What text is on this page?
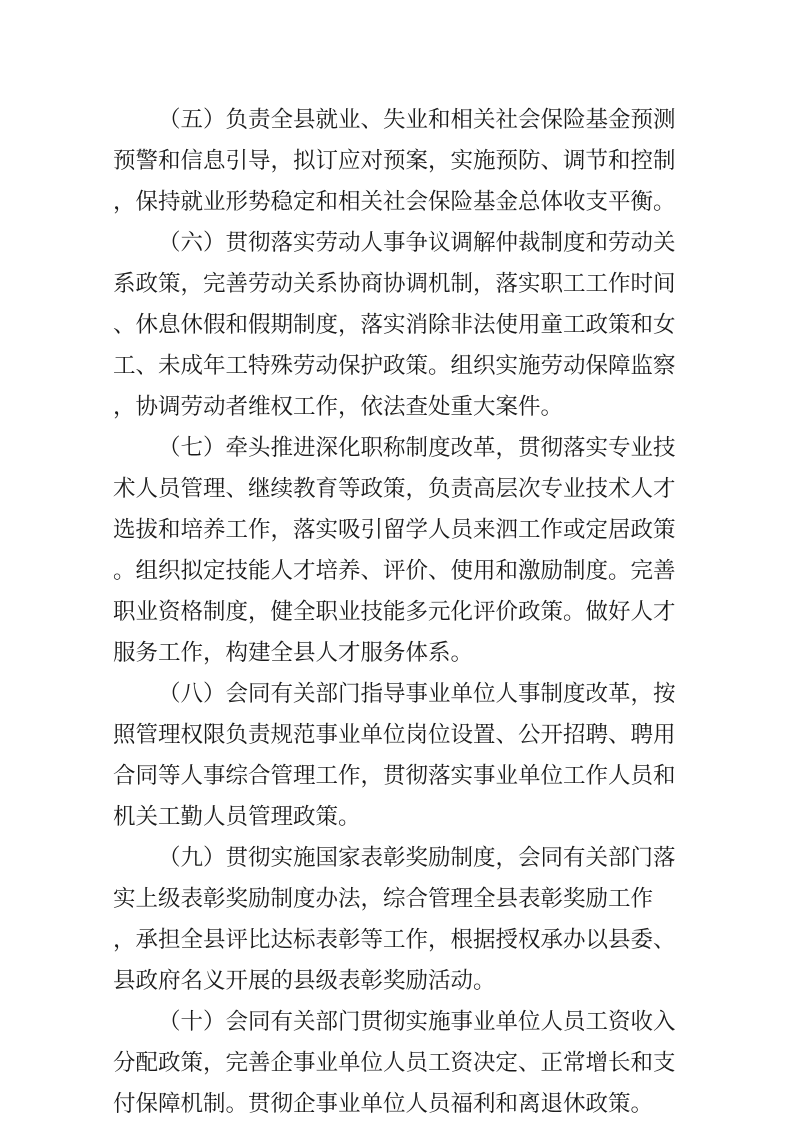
（五）负责全县就业、失业和相关社会保险基金预测
预警和信息引导，拟订应对预案，实施预防、调节和控制
，保持就业形势稳定和相关社会保险基金总体收支平衡。
（六）贯彻落实劳动人事争议调解仲裁制度和劳动关
系政策，完善劳动关系协商协调机制，落实职工工作时间
、休息休假和假期制度，落实消除非法使用童工政策和女
工、未成年工特殊劳动保护政策。组织实施劳动保障监察
，协调劳动者维权工作，依法查处重大案件。
（七）牵头推进深化职称制度改革，贯彻落实专业技
术人员管理、继续教育等政策，负责高层次专业技术人才
选拔和培养工作，落实吸引留学人员来泗工作或定居政策
。组织拟定技能人才培养、评价、使用和激励制度。完善
职业资格制度，健全职业技能多元化评价政策。做好人才
服务工作，构建全县人才服务体系。
（八）会同有关部门指导事业单位人事制度改革，按
照管理权限负责规范事业单位岗位设置、公开招聘、聘用
合同等人事综合管理工作，贯彻落实事业单位工作人员和
机关工勤人员管理政策。
（九）贯彻实施国家表彰奖励制度，会同有关部门落
实上级表彰奖励制度办法，综合管理全县表彰奖励工作
，承担全县评比达标表彰等工作，根据授权承办以县委、
县政府名义开展的县级表彰奖励活动。
（十）会同有关部门贯彻实施事业单位人员工资收入
分配政策，完善企事业单位人员工资决定、正常增长和支
付保障机制。贯彻企事业单位人员福利和离退休政策。
